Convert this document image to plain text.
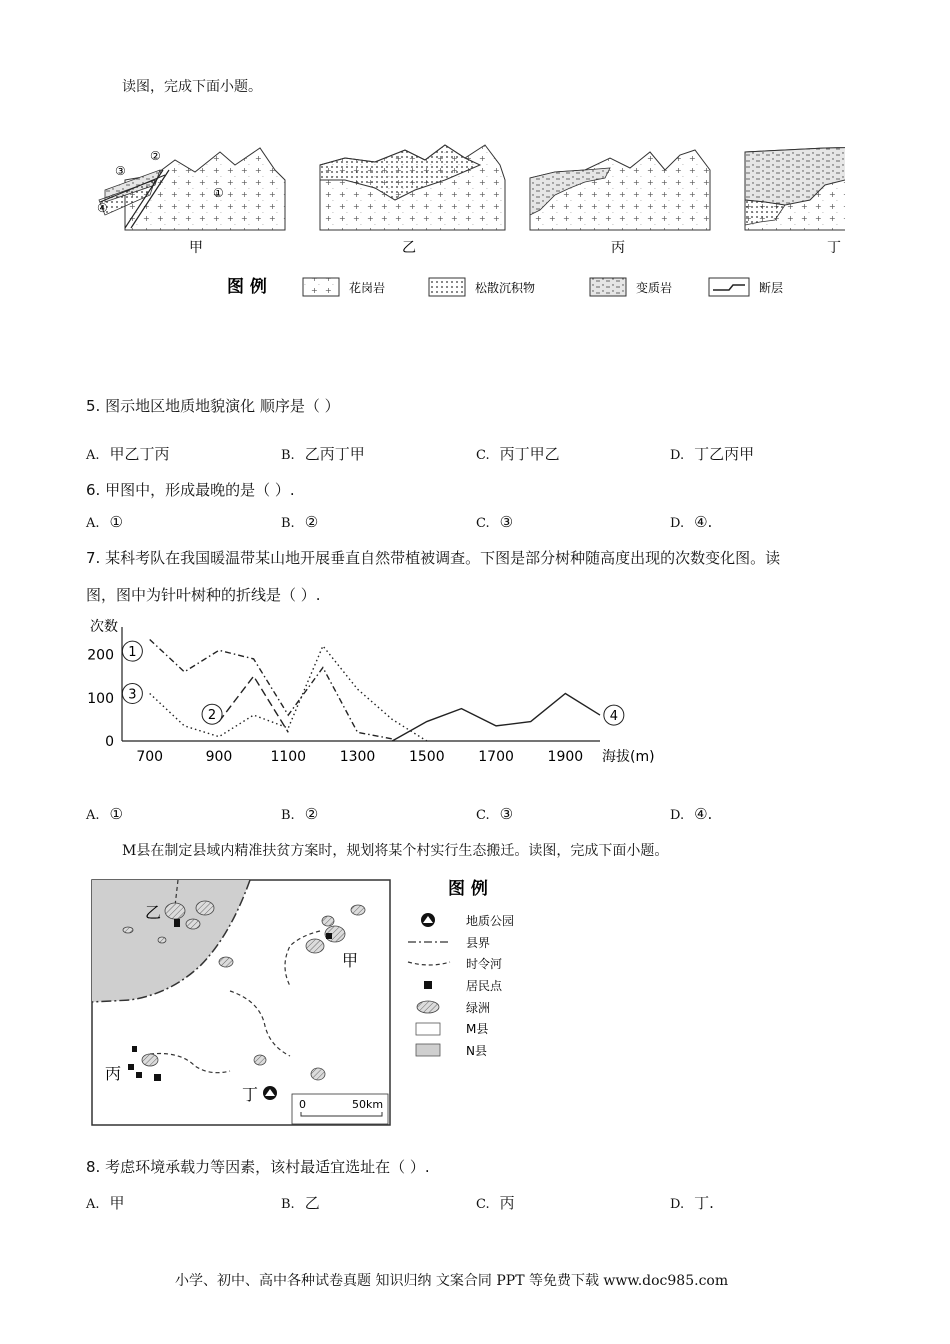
读图，完成下面小题。
②
③
④
①
甲	乙	丙	丁
图 例	花岗岩	松散沉积物	变质岩	断层
5. 图示地区地质地貌演化 顺序是（ ）
A. 甲乙丁丙	B. 乙丙丁甲	C. 丙丁甲乙	D. 丁乙丙甲
6. 甲图中，形成最晚的是（ ）.
A. ①	B. ②	C. ③	D. ④.
7. 某科考队在我国暖温带某山地开展垂直自然带植被调查。下图是部分树种随高度出现的次数变化图。读
图，图中为针叶树种的折线是（ ）.
次数
0
100
200
700	900	1100 1300 1500 1700 1900 海拔(m)
1
2
3
4
A. ①	B. ②	C. ③	D. ④.
M县在制定县域内精准扶贫方案时，规划将某个村实行生态搬迁。读图，完成下面小题。
乙
甲
丙
丁
0	50km
图 例
地质公园
县界
时令河
居民点
绿洲
M县
N县
8. 考虑环境承载力等因素，该村最适宜选址在（ ）.
A. 甲	B. 乙	C. 丙	D. 丁.
小学、初中、高中各种试卷真题 知识归纳 文案合同 PPT 等免费下载 www.doc985.com
